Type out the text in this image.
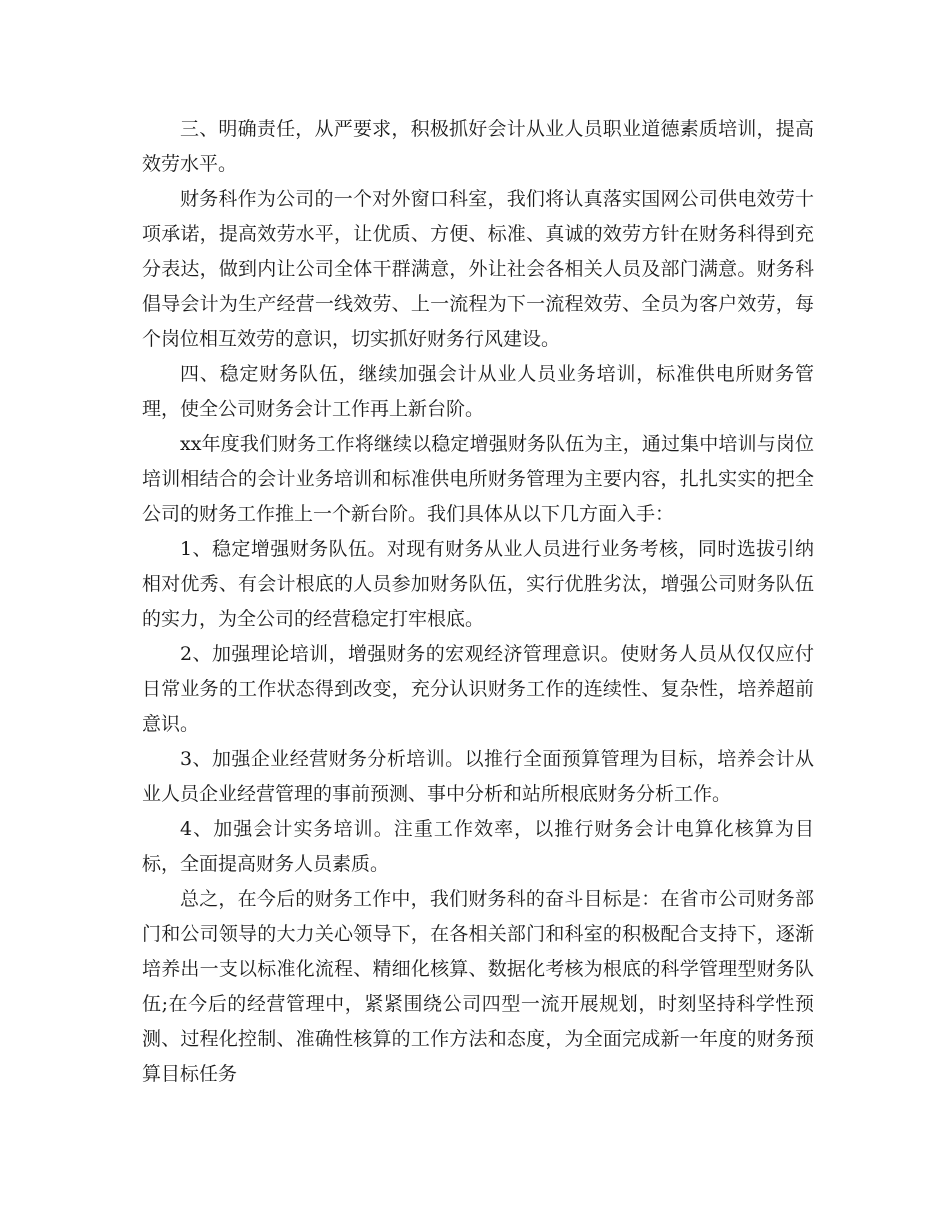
三、明确责任，从严要求，积极抓好会计从业人员职业道德素质培训，提高效劳水平。

财务科作为公司的一个对外窗口科室，我们将认真落实国网公司供电效劳十项承诺，提高效劳水平，让优质、方便、标准、真诚的效劳方针在财务科得到充分表达，做到内让公司全体干群满意，外让社会各相关人员及部门满意。财务科倡导会计为生产经营一线效劳、上一流程为下一流程效劳、全员为客户效劳，每个岗位相互效劳的意识，切实抓好财务行风建设。

四、稳定财务队伍，继续加强会计从业人员业务培训，标准供电所财务管理，使全公司财务会计工作再上新台阶。

xx年度我们财务工作将继续以稳定增强财务队伍为主，通过集中培训与岗位培训相结合的会计业务培训和标准供电所财务管理为主要内容，扎扎实实的把全公司的财务工作推上一个新台阶。我们具体从以下几方面入手：

1、稳定增强财务队伍。对现有财务从业人员进行业务考核，同时选拔引纳相对优秀、有会计根底的人员参加财务队伍，实行优胜劣汰，增强公司财务队伍的实力，为全公司的经营稳定打牢根底。

2、加强理论培训，增强财务的宏观经济管理意识。使财务人员从仅仅应付日常业务的工作状态得到改变，充分认识财务工作的连续性、复杂性，培养超前意识。

3、加强企业经营财务分析培训。以推行全面预算管理为目标，培养会计从业人员企业经营管理的事前预测、事中分析和站所根底财务分析工作。

4、加强会计实务培训。注重工作效率，以推行财务会计电算化核算为目标，全面提高财务人员素质。

总之，在今后的财务工作中，我们财务科的奋斗目标是：在省市公司财务部门和公司领导的大力关心领导下，在各相关部门和科室的积极配合支持下，逐渐培养出一支以标准化流程、精细化核算、数据化考核为根底的科学管理型财务队伍;在今后的经营管理中，紧紧围绕公司四型一流开展规划，时刻坚持科学性预测、过程化控制、准确性核算的工作方法和态度，为全面完成新一年度的财务预算目标任务
